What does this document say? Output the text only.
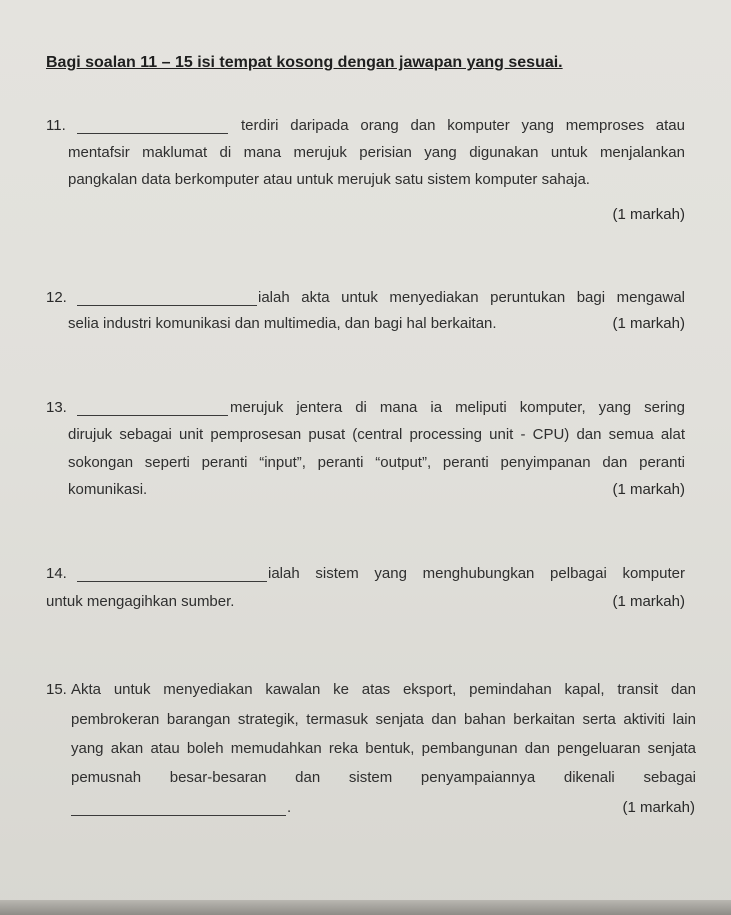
Bagi soalan 11 – 15 isi tempat kosong dengan jawapan yang sesuai.
11.	terdiri daripada orang dan komputer yang memproses atau
mentafsir maklumat di mana merujuk perisian yang digunakan untuk menjalankan
pangkalan data berkomputer atau untuk merujuk satu sistem komputer sahaja.
(1 markah)
12.	ialah akta untuk menyediakan peruntukan bagi mengawal
selia industri komunikasi dan multimedia, dan bagi hal berkaitan.	(1 markah)
13.	merujuk jentera di mana ia meliputi komputer, yang sering
dirujuk sebagai unit pemprosesan pusat (central processing unit - CPU) dan semua alat
sokongan seperti peranti “input”, peranti “output”, peranti penyimpanan dan peranti
komunikasi.	(1 markah)
14.	ialah sistem yang menghubungkan pelbagai komputer
untuk mengagihkan sumber.	(1 markah)
15. Akta untuk menyediakan kawalan ke atas eksport, pemindahan kapal, transit dan
pembrokeran barangan strategik, termasuk senjata dan bahan berkaitan serta aktiviti lain
yang akan atau boleh memudahkan reka bentuk, pembangunan dan pengeluaran senjata
pemusnah besar-besaran dan sistem penyampaiannya dikenali sebagai
.	(1 markah)
